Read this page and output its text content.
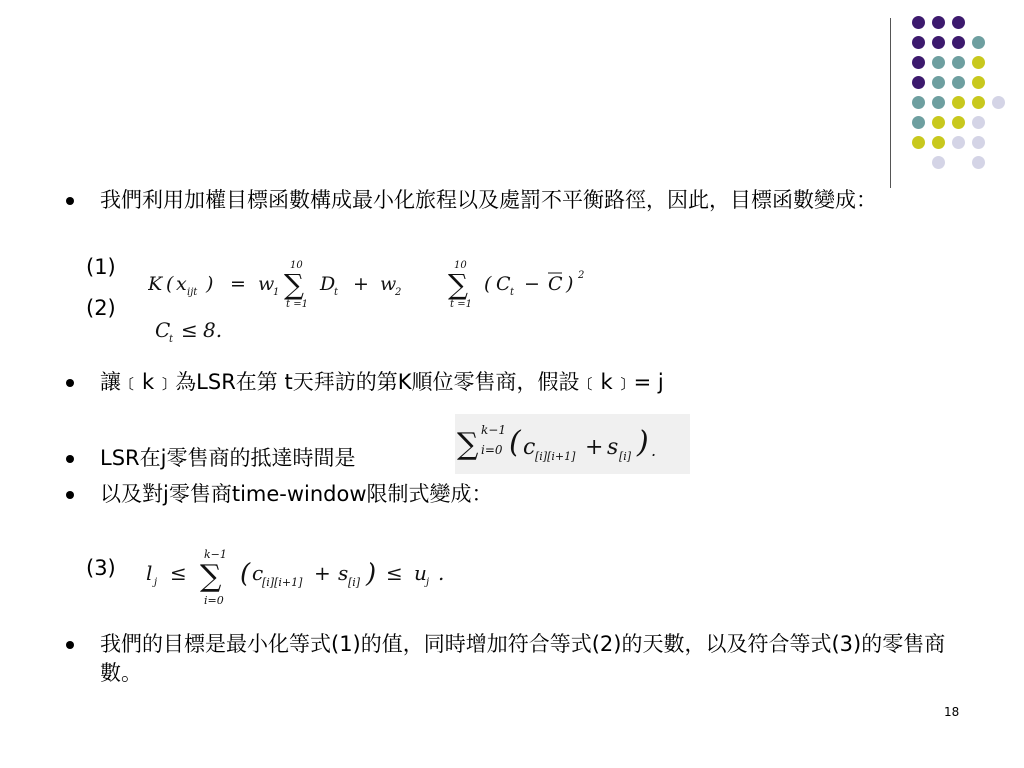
我們利用加權目標函數構成最小化旅程以及處罰不平衡路徑，因此，目標函數變成：
(1)
K ( x ijt ) = w
1
10
∑
t =1
D
t + w
2
10
∑
t =1
( C t − C ) 2
(2)
C
t ≤ 8.
讓﹝k﹞為LSR在第 t天拜訪的第K順位零售商，假設﹝k﹞= j
LSR在j零售商的抵達時間是	∑ k−1
i=0 ( c [i][i+1] + s [i] ) .
以及對j零售商time-window限制式變成：
(3) l j ≤ ∑
k−1
i=0
( c
[i][i+1] + s [i] ) ≤ u j .
我們的目標是最小化等式(1)的值，同時增加符合等式(2)的天數，以及符合等式(3)的零售商數。
18
